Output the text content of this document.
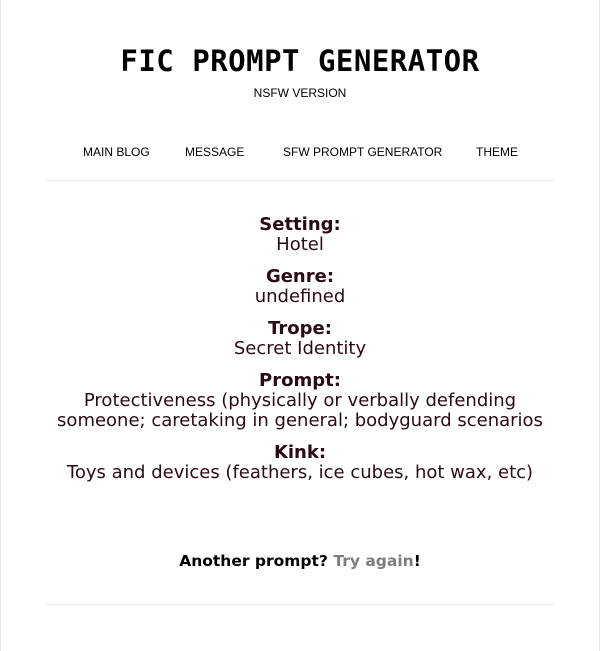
FIC PROMPT GENERATOR
NSFW VERSION
MAIN BLOG	MESSAGE	SFW PROMPT GENERATOR	THEME
Setting:
Hotel
Genre:
undefined
Trope:
Secret Identity
Prompt:
Protectiveness (physically or verbally defending someone; caretaking in general; bodyguard scenarios
Kink:
Toys and devices (feathers, ice cubes, hot wax, etc)
Another prompt? Try again!
